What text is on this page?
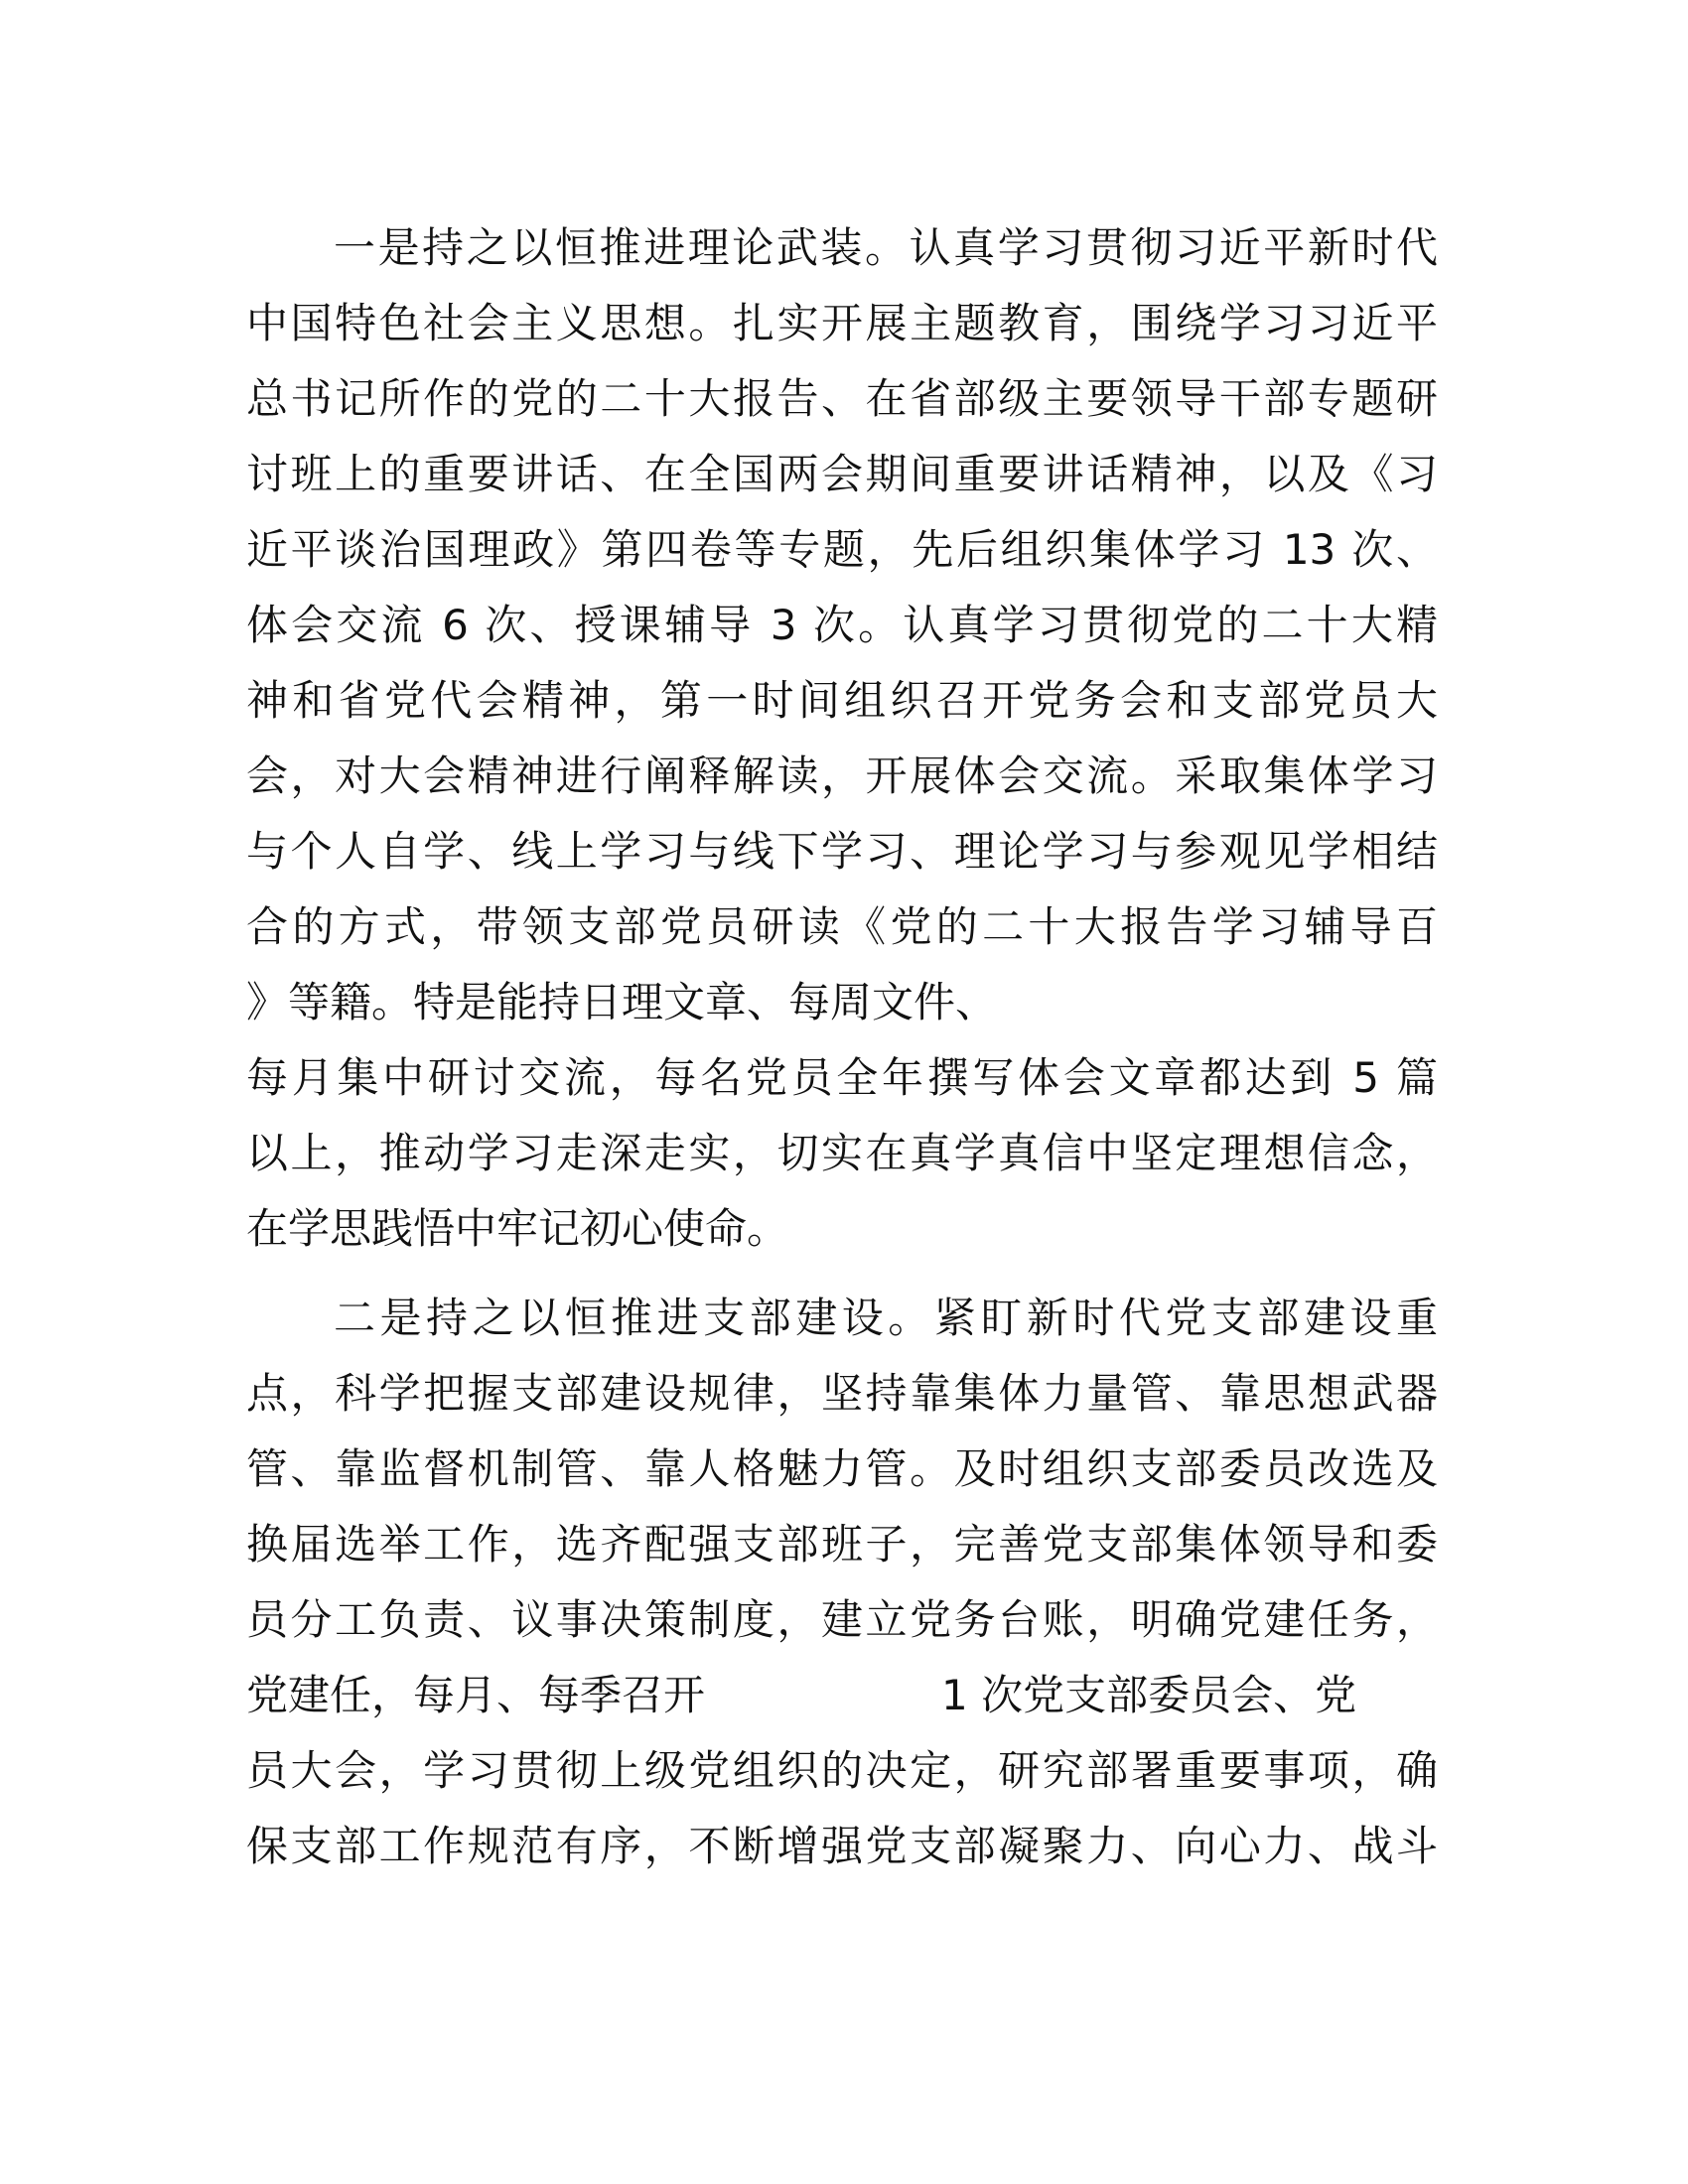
一是持之以恒推进理论武装。认真学习贯彻习近平新时代
中国特色社会主义思想。扎实开展主题教育，围绕学习习近平
总书记所作的党的二十大报告、在省部级主要领导干部专题研
讨班上的重要讲话、在全国两会期间重要讲话精神，以及《习
近平谈治国理政》第四卷等专题，先后组织集体学习 13 次、
体会交流 6 次、授课辅导 3 次。认真学习贯彻党的二十大精
神和省党代会精神，第一时间组织召开党务会和支部党员大
会，对大会精神进行阐释解读，开展体会交流。采取集体学习
与个人自学、线上学习与线下学习、理论学习与参观见学相结
合的方式，带领支部党员研读《党的二十大报告学习辅导百
》等籍。特是能持日理文章、每周文件、
每月集中研讨交流，每名党员全年撰写体会文章都达到 5 篇
以上，推动学习走深走实，切实在真学真信中坚定理想信念，
在学思践悟中牢记初心使命。
二是持之以恒推进支部建设。紧盯新时代党支部建设重
点，科学把握支部建设规律，坚持靠集体力量管、靠思想武器
管、靠监督机制管、靠人格魅力管。及时组织支部委员改选及
换届选举工作，选齐配强支部班子，完善党支部集体领导和委
员分工负责、议事决策制度，建立党务台账，明确党建任务，
党建任，每月、每季召开	1 次党支部委员会、党
员大会，学习贯彻上级党组织的决定，研究部署重要事项，确
保支部工作规范有序，不断增强党支部凝聚力、向心力、战斗
